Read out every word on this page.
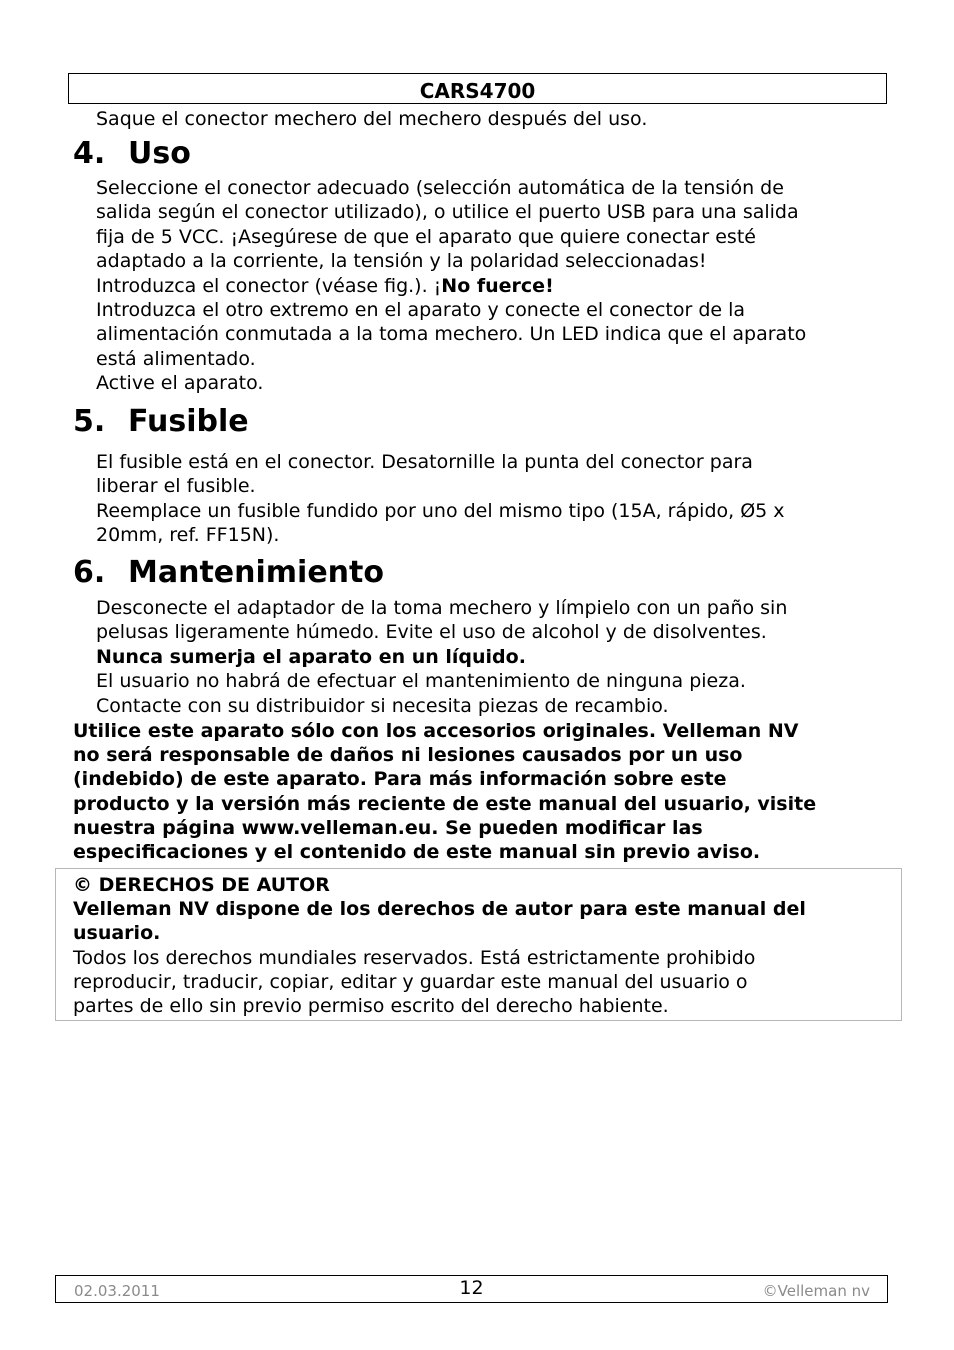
CARS4700

Saque el conector mechero del mechero después del uso.

4. Uso
Seleccione el conector adecuado (selección automática de la tensión de
salida según el conector utilizado), o utilice el puerto USB para una salida
fija de 5 VCC. ¡Asegúrese de que el aparato que quiere conectar esté
adaptado a la corriente, la tensión y la polaridad seleccionadas!
Introduzca el conector (véase fig.). ¡No fuerce!
Introduzca el otro extremo en el aparato y conecte el conector de la
alimentación conmutada a la toma mechero. Un LED indica que el aparato
está alimentado.
Active el aparato.
5. Fusible
El fusible está en el conector. Desatornille la punta del conector para
liberar el fusible.
Reemplace un fusible fundido por uno del mismo tipo (15A, rápido, Ø5 x
20mm, ref. FF15N).
6. Mantenimiento
Desconecte el adaptador de la toma mechero y límpielo con un paño sin
pelusas ligeramente húmedo. Evite el uso de alcohol y de disolventes.
Nunca sumerja el aparato en un líquido.
El usuario no habrá de efectuar el mantenimiento de ninguna pieza.
Contacte con su distribuidor si necesita piezas de recambio.
Utilice este aparato sólo con los accesorios originales. Velleman NV
no será responsable de daños ni lesiones causados por un uso
(indebido) de este aparato. Para más información sobre este
producto y la versión más reciente de este manual del usuario, visite
nuestra página www.velleman.eu. Se pueden modificar las
especificaciones y el contenido de este manual sin previo aviso.
© DERECHOS DE AUTOR
Velleman NV dispone de los derechos de autor para este manual del
usuario.
Todos los derechos mundiales reservados. Está estrictamente prohibido
reproducir, traducir, copiar, editar y guardar este manual del usuario o
partes de ello sin previo permiso escrito del derecho habiente.
02.03.2011	12	©Velleman nv
